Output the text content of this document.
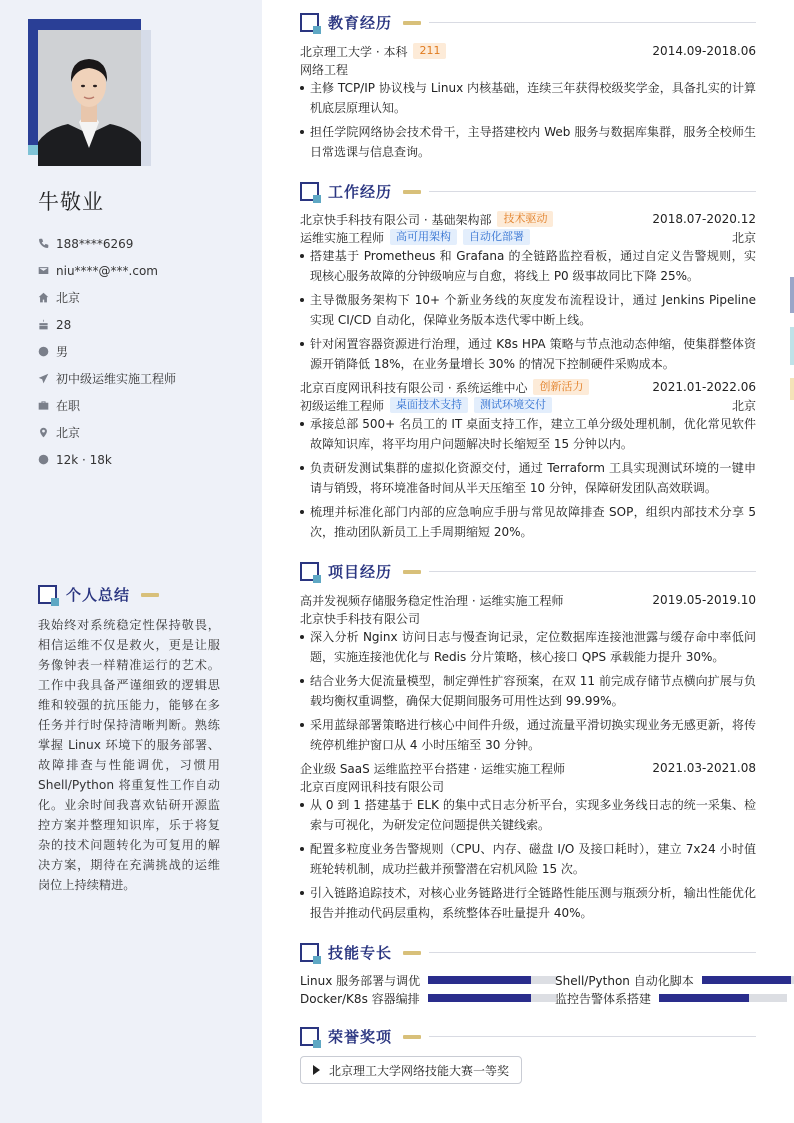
牛敬业
188****6269
niu****@***.com
北京
28
男
初中级运维实施工程师
在职
北京
12k · 18k
个人总结
我始终对系统稳定性保持敬畏，相信运维不仅是救火，更是让服务像钟表一样精准运行的艺术。工作中我具备严谨细致的逻辑思维和较强的抗压能力，能够在多任务并行时保持清晰判断。熟练掌握 Linux 环境下的服务部署、故障排查与性能调优，习惯用 Shell/Python 将重复性工作自动化。业余时间我喜欢钻研开源监控方案并整理知识库，乐于将复杂的技术问题转化为可复用的解决方案，期待在充满挑战的运维岗位上持续精进。
教育经历
北京理工大学 · 本科	211	2014.09-2018.06
网络工程
主修 TCP/IP 协议栈与 Linux 内核基础，连续三年获得校级奖学金，具备扎实的计算机底层原理认知。
担任学院网络协会技术骨干，主导搭建校内 Web 服务与数据库集群，服务全校师生日常选课与信息查询。
工作经历
北京快手科技有限公司 · 基础架构部	技术驱动	2018.07-2020.12
运维实施工程师	高可用架构	自动化部署	北京
搭建基于 Prometheus 和 Grafana 的全链路监控看板，通过自定义告警规则，实现核心服务故障的分钟级响应与自愈，将线上 P0 级事故同比下降 25%。
主导微服务架构下 10+ 个新业务线的灰度发布流程设计，通过 Jenkins Pipeline 实现 CI/CD 自动化，保障业务版本迭代零中断上线。
针对闲置容器资源进行治理，通过 K8s HPA 策略与节点池动态伸缩，使集群整体资源开销降低 18%，在业务量增长 30% 的情况下控制硬件采购成本。
北京百度网讯科技有限公司 · 系统运维中心	创新活力	2021.01-2022.06
初级运维工程师	桌面技术支持	测试环境交付	北京
承接总部 500+ 名员工的 IT 桌面支持工作，建立工单分级处理机制，优化常见软件故障知识库，将平均用户问题解决时长缩短至 15 分钟以内。
负责研发测试集群的虚拟化资源交付，通过 Terraform 工具实现测试环境的一键申请与销毁，将环境准备时间从半天压缩至 10 分钟，保障研发团队高效联调。
梳理并标准化部门内部的应急响应手册与常见故障排查 SOP，组织内部技术分享 5 次，推动团队新员工上手周期缩短 20%。
项目经历
高并发视频存储服务稳定性治理 · 运维实施工程师	2019.05-2019.10
北京快手科技有限公司
深入分析 Nginx 访问日志与慢查询记录，定位数据库连接池泄露与缓存命中率低问题，实施连接池优化与 Redis 分片策略，核心接口 QPS 承载能力提升 30%。
结合业务大促流量模型，制定弹性扩容预案，在双 11 前完成存储节点横向扩展与负载均衡权重调整，确保大促期间服务可用性达到 99.99%。
采用蓝绿部署策略进行核心中间件升级，通过流量平滑切换实现业务无感更新，将传统停机维护窗口从 4 小时压缩至 30 分钟。
企业级 SaaS 运维监控平台搭建 · 运维实施工程师	2021.03-2021.08
北京百度网讯科技有限公司
从 0 到 1 搭建基于 ELK 的集中式日志分析平台，实现多业务线日志的统一采集、检索与可视化，为研发定位问题提供关键线索。
配置多粒度业务告警规则（CPU、内存、磁盘 I/O 及接口耗时），建立 7x24 小时值班轮转机制，成功拦截并预警潜在宕机风险 15 次。
引入链路追踪技术，对核心业务链路进行全链路性能压测与瓶颈分析，输出性能优化报告并推动代码层重构，系统整体吞吐量提升 40%。
技能专长
Linux 服务部署与调优	Shell/Python 自动化脚本
Docker/K8s 容器编排	监控告警体系搭建
荣誉奖项
北京理工大学网络技能大赛一等奖
